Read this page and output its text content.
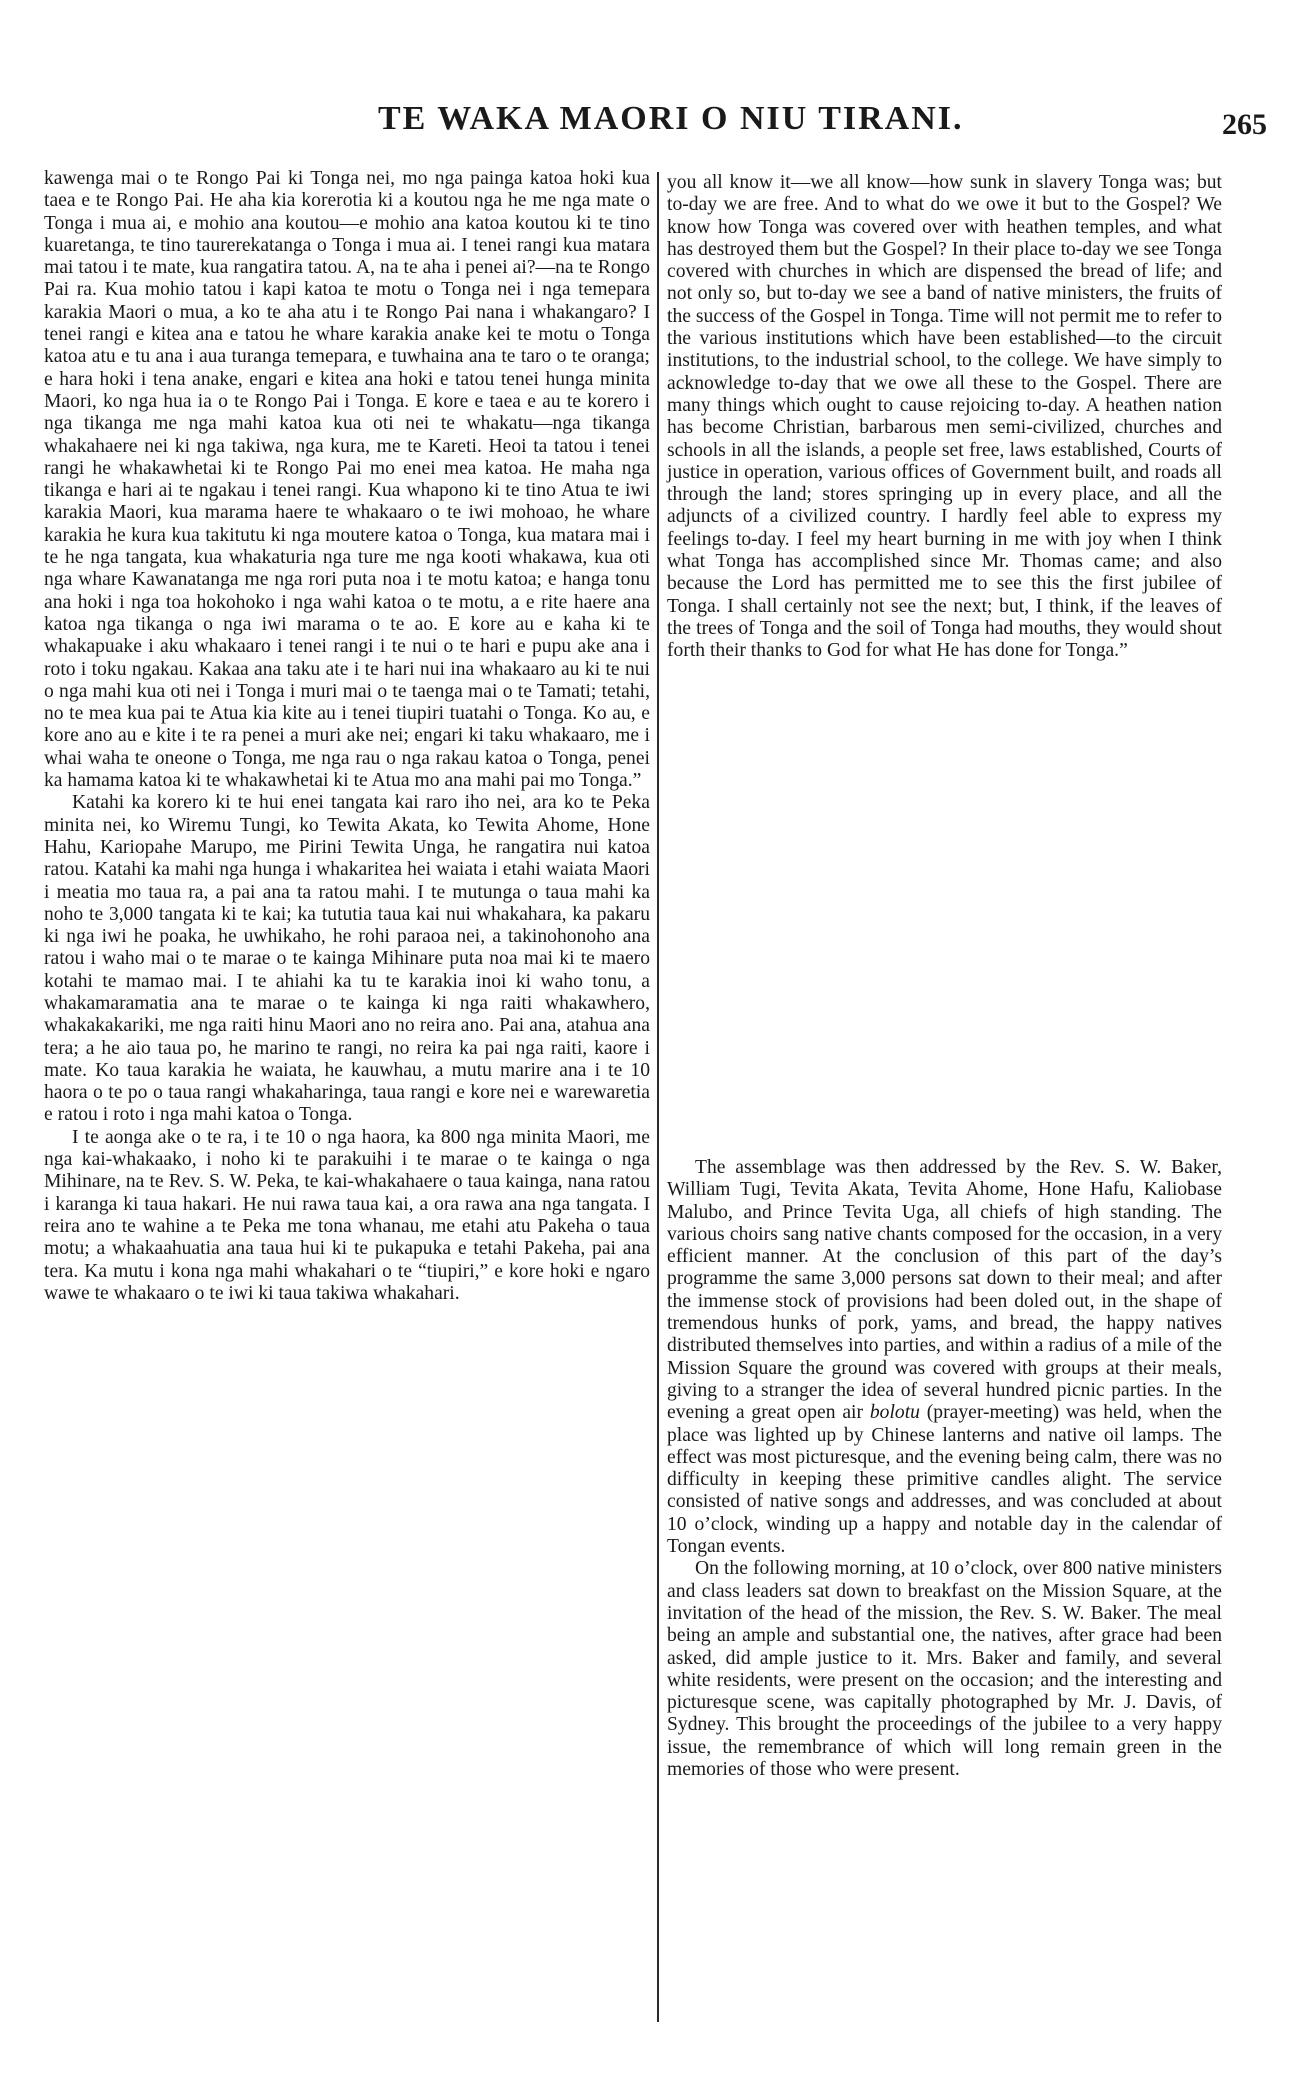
TE WAKA MAORI O NIU TIRANI.	265

kawenga mai o te Rongo Pai ki Tonga nei, mo nga painga katoa hoki kua taea e te Rongo Pai. He aha kia korerotia ki a koutou nga he me nga mate o Tonga i mua ai, e mohio ana koutou—e mohio ana katoa koutou ki te tino kuaretanga, te tino taurerekatanga o Tonga i mua ai. I tenei rangi kua matara mai tatou i te mate, kua rangatira tatou. A, na te aha i penei ai?—na te Rongo Pai ra. Kua mohio tatou i kapi katoa te motu o Tonga nei i nga temepara karakia Maori o mua, a ko te aha atu i te Rongo Pai nana i whakangaro? I tenei rangi e kitea ana e tatou he whare karakia anake kei te motu o Tonga katoa atu e tu ana i aua turanga temepara, e tuwhaina ana te taro o te oranga; e hara hoki i tena anake, engari e kitea ana hoki e tatou tenei hunga minita Maori, ko nga hua ia o te Rongo Pai i Tonga. E kore e taea e au te korero i nga tikanga me nga mahi katoa kua oti nei te whakatu—nga tikanga whakahaere nei ki nga takiwa, nga kura, me te Kareti. Heoi ta tatou i tenei rangi he whakawhetai ki te Rongo Pai mo enei mea katoa. He maha nga tikanga e hari ai te ngakau i tenei rangi. Kua whapono ki te tino Atua te iwi karakia Maori, kua marama haere te whakaaro o te iwi mohoao, he whare karakia he kura kua takitutu ki nga moutere katoa o Tonga, kua matara mai i te he nga tangata, kua whakaturia nga ture me nga kooti whakawa, kua oti nga whare Kawanatanga me nga rori puta noa i te motu katoa; e hanga tonu ana hoki i nga toa hokohoko i nga wahi katoa o te motu, a e rite haere ana katoa nga tikanga o nga iwi marama o te ao. E kore au e kaha ki te whakapuake i aku whakaaro i tenei rangi i te nui o te hari e pupu ake ana i roto i toku ngakau. Kakaa ana taku ate i te hari nui ina whakaaro au ki te nui o nga mahi kua oti nei i Tonga i muri mai o te taenga mai o te Tamati; tetahi, no te mea kua pai te Atua kia kite au i tenei tiupiri tuatahi o Tonga. Ko au, e kore ano au e kite i te ra penei a muri ake nei; engari ki taku whakaaro, me i whai waha te oneone o Tonga, me nga rau o nga rakau katoa o Tonga, penei ka hamama katoa ki te whakawhetai ki te Atua mo ana mahi pai mo Tonga.”

Katahi ka korero ki te hui enei tangata kai raro iho nei, ara ko te Peka minita nei, ko Wiremu Tungi, ko Tewita Akata, ko Tewita Ahome, Hone Hahu, Kariopahe Marupo, me Pirini Tewita Unga, he rangatira nui katoa ratou. Katahi ka mahi nga hunga i whakaritea hei waiata i etahi waiata Maori i meatia mo taua ra, a pai ana ta ratou mahi. I te mutunga o taua mahi ka noho te 3,000 tangata ki te kai; ka tututia taua kai nui whakahara, ka pakaru ki nga iwi he poaka, he uwhikaho, he rohi paraoa nei, a takinohonoho ana ratou i waho mai o te marae o te kainga Mihinare puta noa mai ki te maero kotahi te mamao mai. I te ahiahi ka tu te karakia inoi ki waho tonu, a whakamaramatia ana te marae o te kainga ki nga raiti whakawhero, whakakakariki, me nga raiti hinu Maori ano no reira ano. Pai ana, atahua ana tera; a he aio taua po, he marino te rangi, no reira ka pai nga raiti, kaore i mate. Ko taua karakia he waiata, he kauwhau, a mutu marire ana i te 10 haora o te po o taua rangi whakaharinga, taua rangi e kore nei e warewaretia e ratou i roto i nga mahi katoa o Tonga.

I te aonga ake o te ra, i te 10 o nga haora, ka 800 nga minita Maori, me nga kai-whakaako, i noho ki te parakuihi i te marae o te kainga o nga Mihinare, na te Rev. S. W. Peka, te kai-whakahaere o taua kainga, nana ratou i karanga ki taua hakari. He nui rawa taua kai, a ora rawa ana nga tangata. I reira ano te wahine a te Peka me tona whanau, me etahi atu Pakeha o taua motu; a whakaahuatia ana taua hui ki te pukapuka e tetahi Pakeha, pai ana tera. Ka mutu i kona nga mahi whakahari o te “tiupiri,” e kore hoki e ngaro wawe te whakaaro o te iwi ki taua takiwa whakahari.

you all know it—we all know—how sunk in slavery Tonga was; but to-day we are free. And to what do we owe it but to the Gospel? We know how Tonga was covered over with heathen temples, and what has destroyed them but the Gospel? In their place to-day we see Tonga covered with churches in which are dispensed the bread of life; and not only so, but to-day we see a band of native ministers, the fruits of the success of the Gospel in Tonga. Time will not permit me to refer to the various institutions which have been established—to the circuit institutions, to the industrial school, to the college. We have simply to acknowledge to-day that we owe all these to the Gospel. There are many things which ought to cause rejoicing to-day. A heathen nation has become Christian, barbarous men semi-civilized, churches and schools in all the islands, a people set free, laws established, Courts of justice in operation, various offices of Government built, and roads all through the land; stores springing up in every place, and all the adjuncts of a civilized country. I hardly feel able to express my feelings to-day. I feel my heart burning in me with joy when I think what Tonga has accomplished since Mr. Thomas came; and also because the Lord has permitted me to see this the first jubilee of Tonga. I shall certainly not see the next; but, I think, if the leaves of the trees of Tonga and the soil of Tonga had mouths, they would shout forth their thanks to God for what He has done for Tonga.”

The assemblage was then addressed by the Rev. S. W. Baker, William Tugi, Tevita Akata, Tevita Ahome, Hone Hafu, Kaliobase Malubo, and Prince Tevita Uga, all chiefs of high standing. The various choirs sang native chants composed for the occasion, in a very efficient manner. At the conclusion of this part of the day’s programme the same 3,000 persons sat down to their meal; and after the immense stock of provisions had been doled out, in the shape of tremendous hunks of pork, yams, and bread, the happy natives distributed themselves into parties, and within a radius of a mile of the Mission Square the ground was covered with groups at their meals, giving to a stranger the idea of several hundred picnic parties. In the evening a great open air bolotu (prayer-meeting) was held, when the place was lighted up by Chinese lanterns and native oil lamps. The effect was most picturesque, and the evening being calm, there was no difficulty in keeping these primitive candles alight. The service consisted of native songs and addresses, and was concluded at about 10 o’clock, winding up a happy and notable day in the calendar of Tongan events.

On the following morning, at 10 o’clock, over 800 native ministers and class leaders sat down to breakfast on the Mission Square, at the invitation of the head of the mission, the Rev. S. W. Baker. The meal being an ample and substantial one, the natives, after grace had been asked, did ample justice to it. Mrs. Baker and family, and several white residents, were present on the occasion; and the interesting and picturesque scene, was capitally photographed by Mr. J. Davis, of Sydney. This brought the proceedings of the jubilee to a very happy issue, the remembrance of which will long remain green in the memories of those who were present.
